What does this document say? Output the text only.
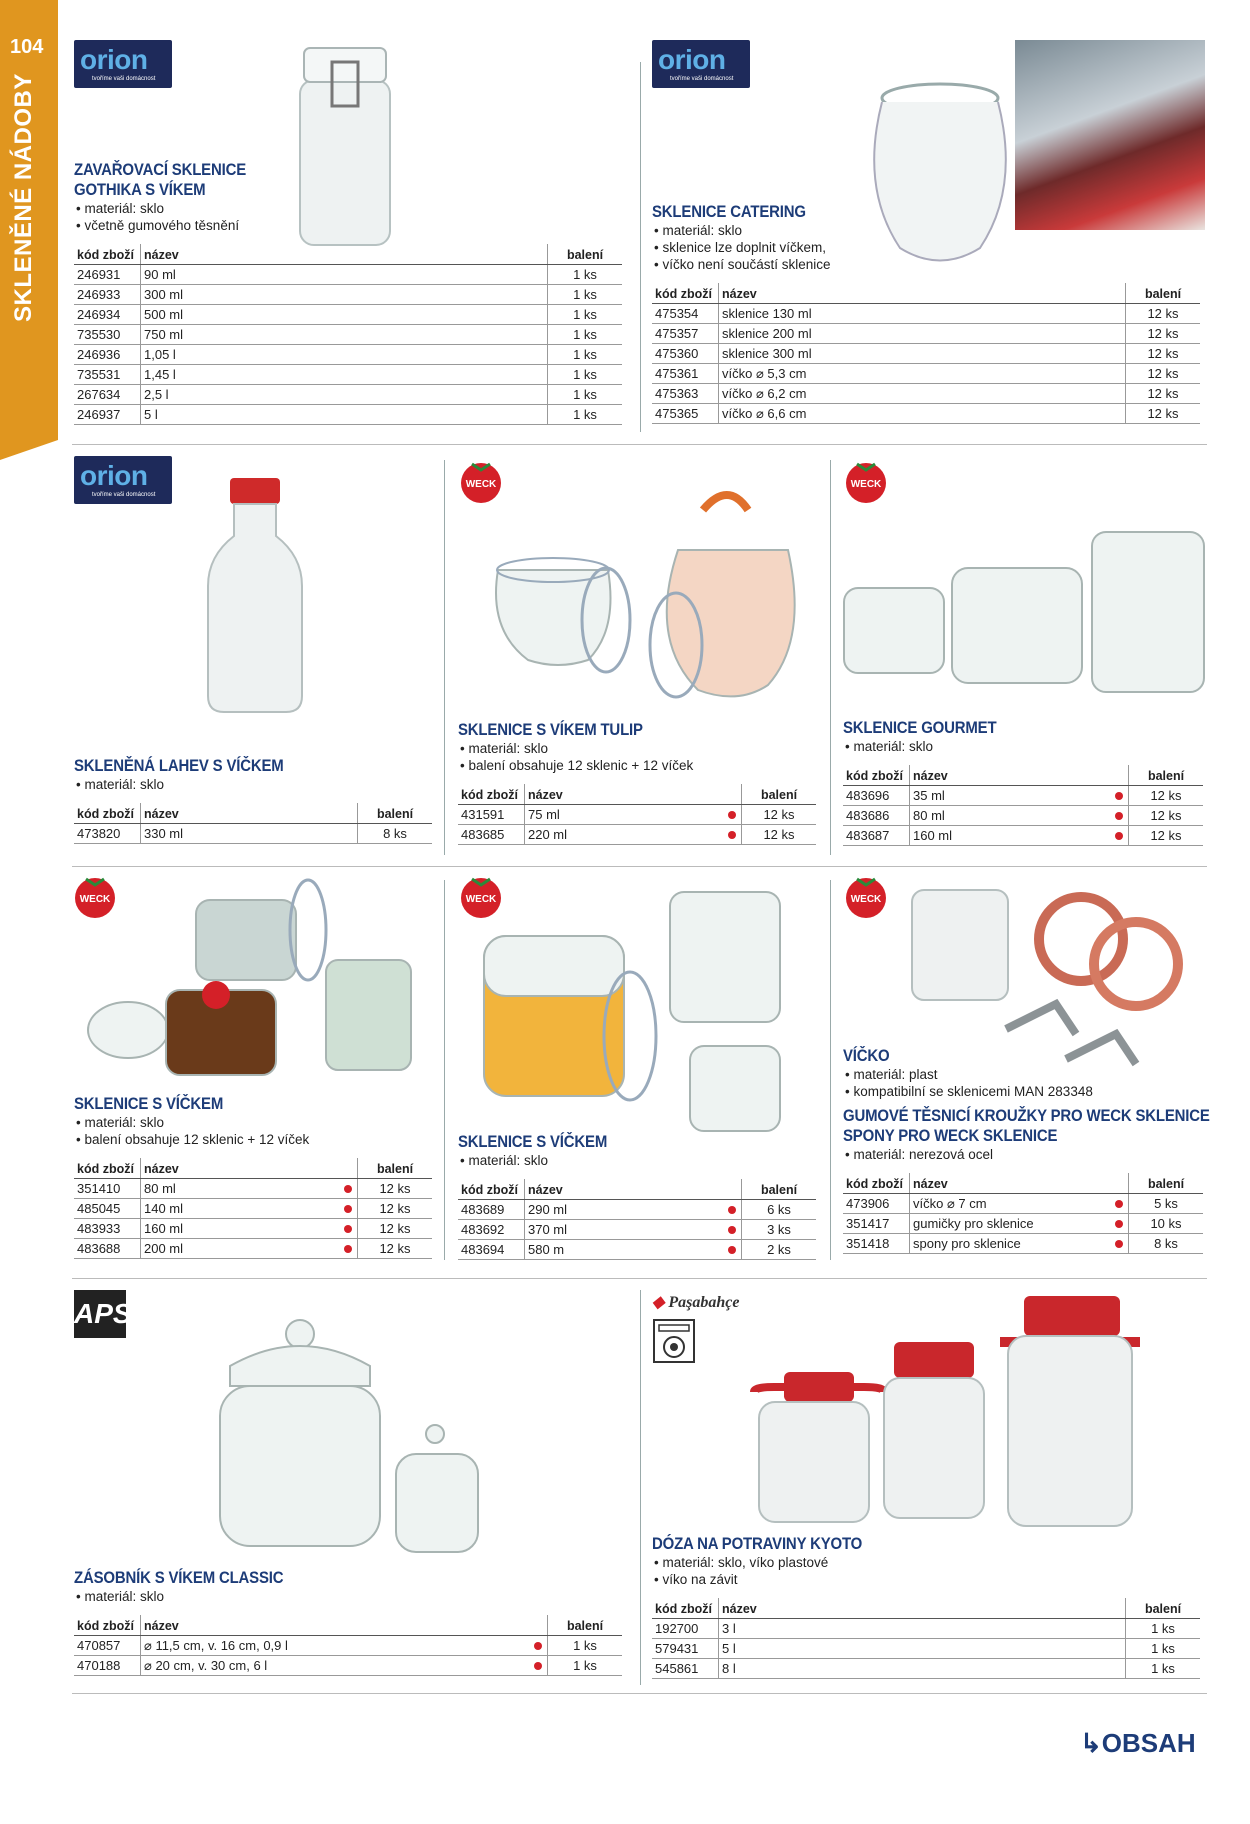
104
SKLENĚNÉ NÁDOBY
orion
tvoříme vaši domácnost
orion
tvoříme vaši domácnost
orion
tvoříme vaši domácnost
WECK	WECK
WECK	WECK	WECK
APS	◆ Paşabahçe
ZAVAŘOVACÍ SKLENICE
GOTHIKA S VÍKEM
• materiál: sklo
• včetně gumového těsnění
kód zboží	název	balení
246931	90 ml	1 ks
246933	300 ml	1 ks
246934	500 ml	1 ks
735530	750 ml	1 ks
246936	1,05 l	1 ks
735531	1,45 l	1 ks
267634	2,5 l	1 ks
246937	5 l	1 ks
SKLENICE CATERING
• materiál: sklo
• sklenice lze doplnit víčkem,
• víčko není součástí sklenice
kód zboží	název	balení
475354	sklenice 130 ml	12 ks
475357	sklenice 200 ml	12 ks
475360	sklenice 300 ml	12 ks
475361	víčko ⌀ 5,3 cm	12 ks
475363	víčko ⌀ 6,2 cm	12 ks
475365	víčko ⌀ 6,6 cm	12 ks
SKLENĚNÁ LAHEV S VÍČKEM
• materiál: sklo
kód zboží	název	balení
473820	330 ml	8 ks
SKLENICE S VÍKEM TULIP
• materiál: sklo
• balení obsahuje 12 sklenic + 12 víček
kód zboží	název		balení
431591	75 ml		12 ks
483685	220 ml		12 ks
SKLENICE GOURMET
• materiál: sklo
kód zboží	název		balení
483696	35 ml		12 ks
483686	80 ml		12 ks
483687	160 ml		12 ks
SKLENICE S VÍČKEM
• materiál: sklo
• balení obsahuje 12 sklenic + 12 víček
kód zboží	název		balení
351410	80 ml		12 ks
485045	140 ml		12 ks
483933	160 ml		12 ks
483688	200 ml		12 ks
SKLENICE S VÍČKEM
• materiál: sklo
kód zboží	název		balení
483689	290 ml		6 ks
483692	370 ml		3 ks
483694	580 m		2 ks
VÍČKO
• materiál: plast
• kompatibilní se sklenicemi MAN 283348
GUMOVÉ TĚSNICÍ KROUŽKY PRO WECK SKLENICE
SPONY PRO WECK SKLENICE
• materiál: nerezová ocel
kód zboží	název		balení
473906	víčko ⌀ 7 cm		5 ks
351417	gumičky pro sklenice		10 ks
351418	spony pro sklenice		8 ks
ZÁSOBNÍK S VÍKEM CLASSIC
• materiál: sklo
kód zboží	název		balení
470857	⌀ 11,5 cm, v. 16 cm, 0,9 l		1 ks
470188	⌀ 20 cm, v. 30 cm, 6 l		1 ks
DÓZA NA POTRAVINY KYOTO
• materiál: sklo, víko plastové
• víko na závit
kód zboží	název	balení
192700	3 l	1 ks
579431	5 l	1 ks
545861	8 l	1 ks
↳OBSAH
